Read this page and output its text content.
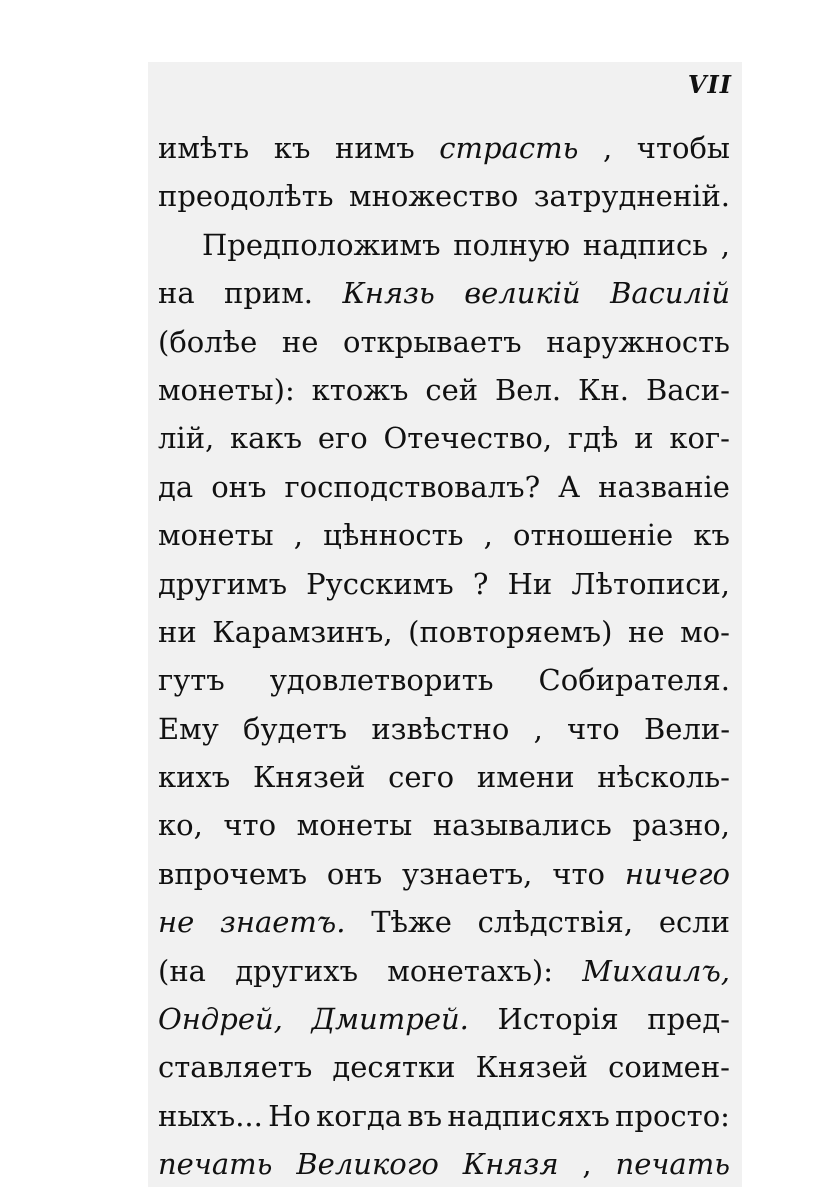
VII
имѣть къ нимъ страсть , чтобы
преодолѣть множество затрудненій.
Предположимъ полную надпись ,
на прим. Князь великій Василій
(болѣе не открываетъ наружность
монеты): ктожъ сей Вел. Кн. Васи-
лій, какъ его Отечество, гдѣ и ког-
да онъ господствовалъ? А названіе
монеты , цѣнность , отношеніе къ
другимъ Русскимъ ? Ни Лѣтописи,
ни Карамзинъ, (повторяемъ) не мо-
гутъ удовлетворить Собирателя.
Ему будетъ извѣстно , что Вели-
кихъ Князей сего имени нѣсколь-
ко, что монеты назывались разно,
впрочемъ онъ узнаетъ, что ничего
не знаетъ. Тѣже слѣдствія, если
(на другихъ монетахъ): Михаилъ,
Ондрей, Дмитрей. Исторія пред-
ставляетъ десятки Князей соимен-
ныхъ... Но когда въ надписяхъ просто:
печать Великого Князя , печать
